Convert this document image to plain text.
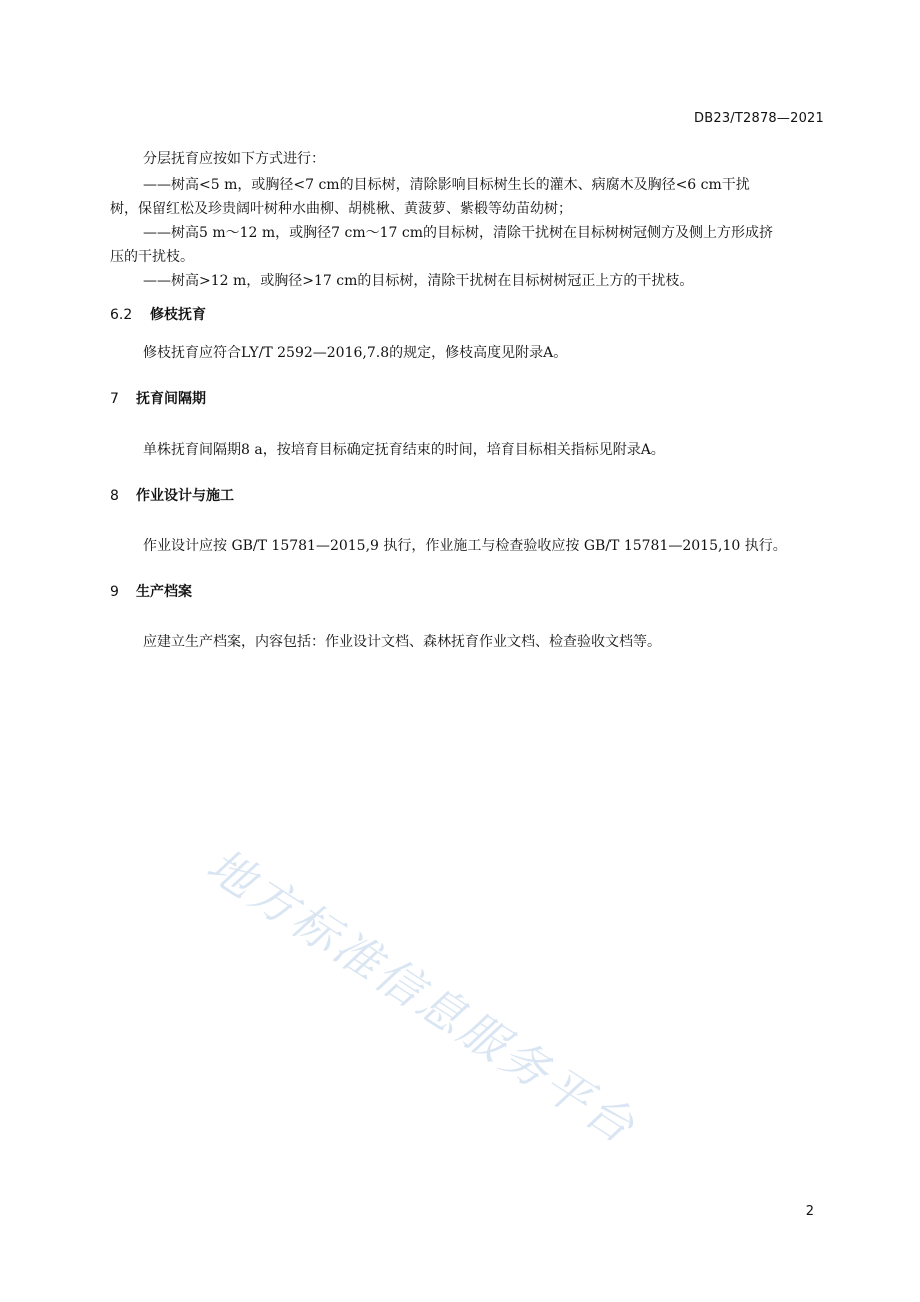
DB23/T2878—2021
分层抚育应按如下方式进行：
——树高<5 m，或胸径<7 cm的目标树，清除影响目标树生长的灌木、病腐木及胸径<6 cm干扰
树，保留红松及珍贵阔叶树种水曲柳、胡桃楸、黄菠萝、紫椴等幼苗幼树；
——树高5 m～12 m，或胸径7 cm～17 cm的目标树，清除干扰树在目标树树冠侧方及侧上方形成挤
压的干扰枝。
——树高>12 m，或胸径>17 cm的目标树，清除干扰树在目标树树冠正上方的干扰枝。
6.2 修枝抚育
修枝抚育应符合LY/T 2592—2016,7.8的规定，修枝高度见附录A。
7 抚育间隔期
单株抚育间隔期8 a，按培育目标确定抚育结束的时间，培育目标相关指标见附录A。
8 作业设计与施工
作业设计应按 GB/T 15781—2015,9 执行，作业施工与检查验收应按 GB/T 15781—2015,10 执行。
9 生产档案
应建立生产档案，内容包括：作业设计文档、森林抚育作业文档、检查验收文档等。
地方标准信息服务平台
2
